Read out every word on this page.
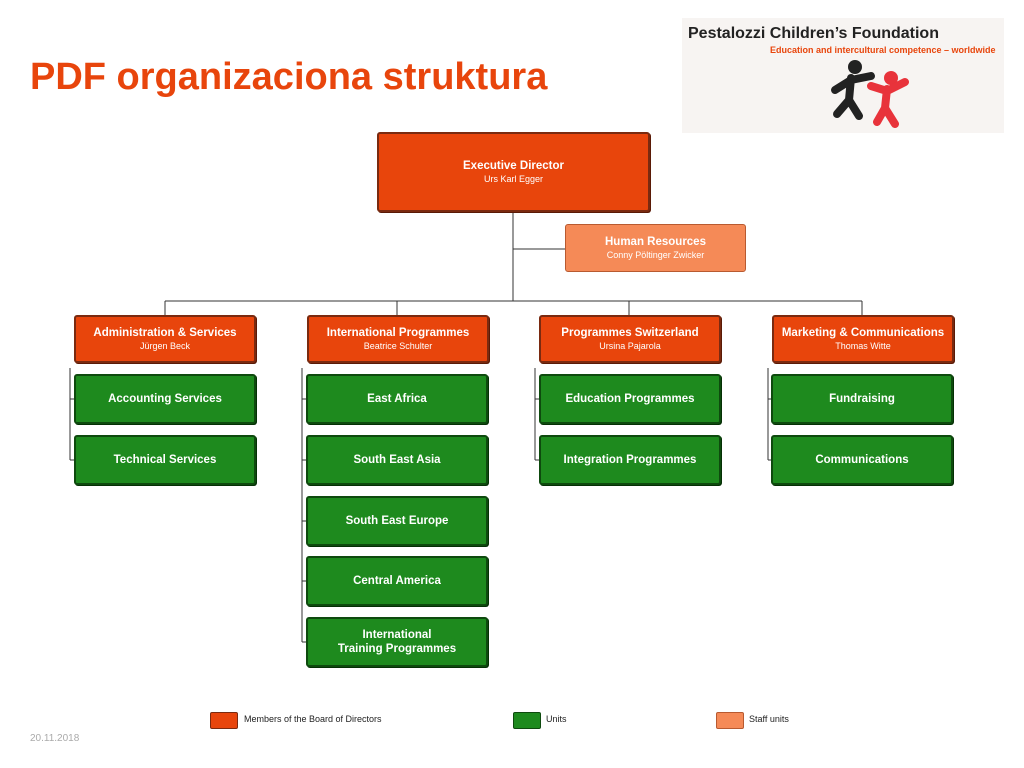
PDF organizaciona struktura
Pestalozzi Children’s Foundation
Education and intercultural competence – worldwide
Executive Director
Urs Karl Egger
Human Resources
Conny Pöltinger Zwicker
Administration & Services
Jürgen Beck
International Programmes
Beatrice Schulter
Programmes Switzerland
Ursina Pajarola
Marketing & Communications
Thomas Witte
Accounting Services
Technical Services
East Africa
South East Asia
South East Europe
Central America
International
Training Programmes
Education Programmes
Integration Programmes
Fundraising
Communications
Members of the Board of Directors	Units	Staff units
20.11.2018
